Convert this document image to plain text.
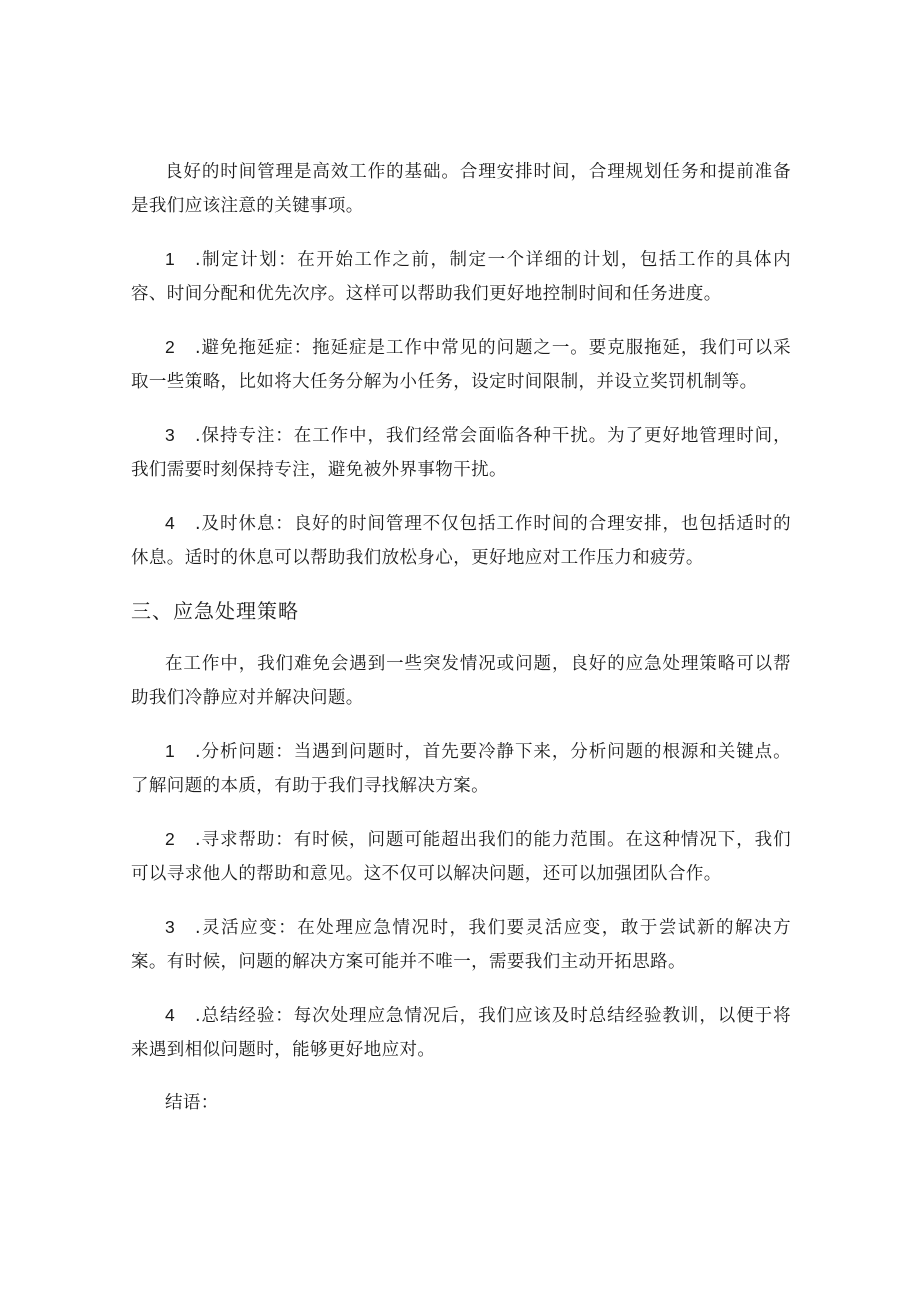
良好的时间管理是高效工作的基础。合理安排时间，合理规划任务和提前准备是我们应该注意的关键事项。

1 .制定计划：在开始工作之前，制定一个详细的计划，包括工作的具体内容、时间分配和优先次序。这样可以帮助我们更好地控制时间和任务进度。

2 .避免拖延症：拖延症是工作中常见的问题之一。要克服拖延，我们可以采取一些策略，比如将大任务分解为小任务，设定时间限制，并设立奖罚机制等。

3 .保持专注：在工作中，我们经常会面临各种干扰。为了更好地管理时间，我们需要时刻保持专注，避免被外界事物干扰。

4 .及时休息：良好的时间管理不仅包括工作时间的合理安排，也包括适时的休息。适时的休息可以帮助我们放松身心，更好地应对工作压力和疲劳。

三、应急处理策略

在工作中，我们难免会遇到一些突发情况或问题，良好的应急处理策略可以帮助我们冷静应对并解决问题。

1 .分析问题：当遇到问题时，首先要冷静下来，分析问题的根源和关键点。了解问题的本质，有助于我们寻找解决方案。

2 .寻求帮助：有时候，问题可能超出我们的能力范围。在这种情况下，我们可以寻求他人的帮助和意见。这不仅可以解决问题，还可以加强团队合作。

3 .灵活应变：在处理应急情况时，我们要灵活应变，敢于尝试新的解决方案。有时候，问题的解决方案可能并不唯一，需要我们主动开拓思路。

4 .总结经验：每次处理应急情况后，我们应该及时总结经验教训，以便于将来遇到相似问题时，能够更好地应对。

结语：
